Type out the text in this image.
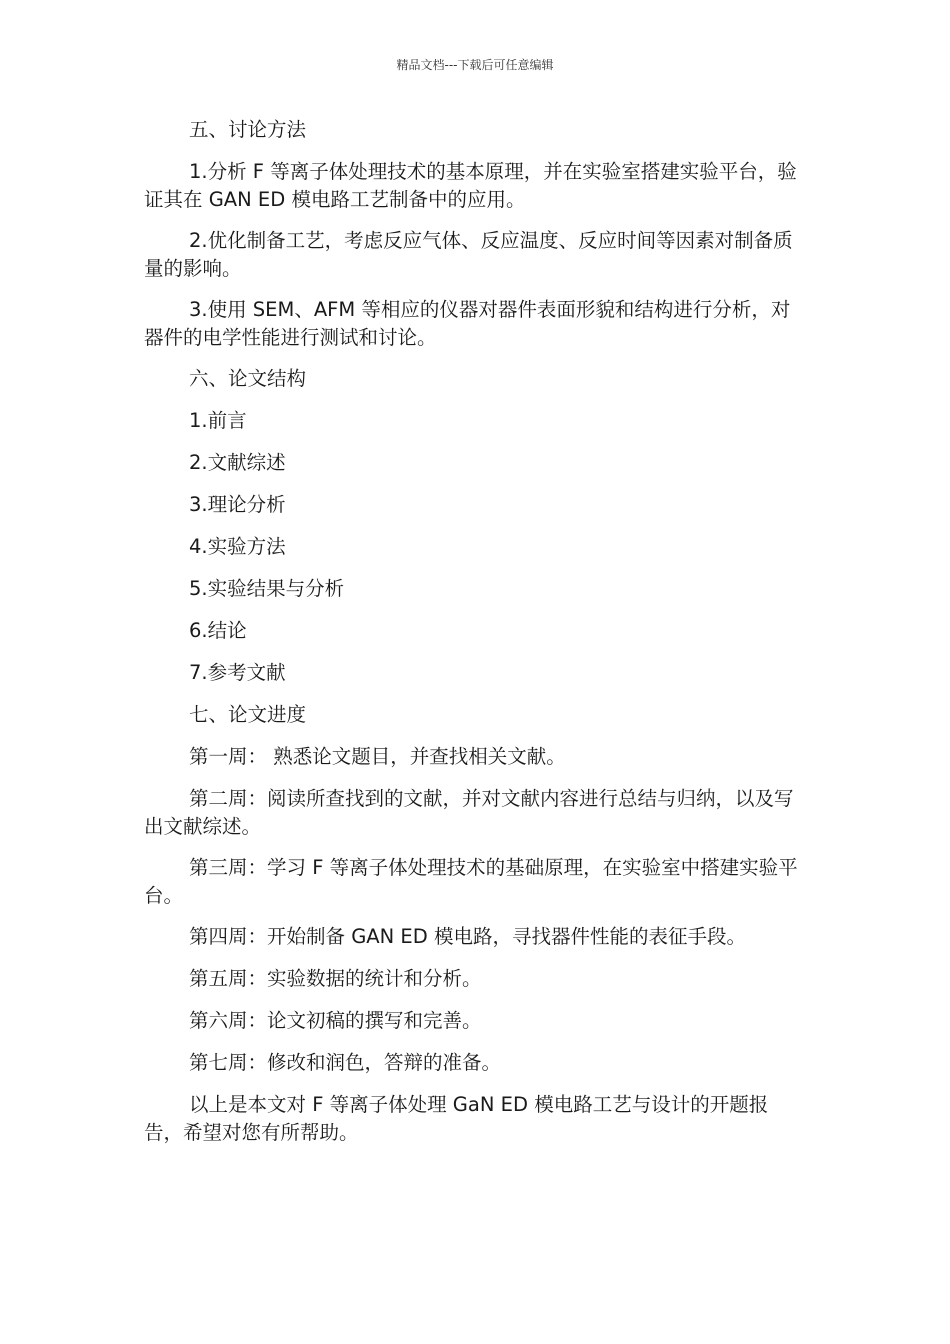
精品文档---下载后可任意编辑

五、讨论方法

1.分析 F 等离子体处理技术的基本原理，并在实验室搭建实验平台，验证其在 GAN ED 模电路工艺制备中的应用。

2.优化制备工艺，考虑反应气体、反应温度、反应时间等因素对制备质量的影响。

3.使用 SEM、AFM 等相应的仪器对器件表面形貌和结构进行分析，对器件的电学性能进行测试和讨论。

六、论文结构

1.前言

2.文献综述

3.理论分析

4.实验方法

5.实验结果与分析

6.结论

7.参考文献

七、论文进度

第一周： 熟悉论文题目，并查找相关文献。

第二周：阅读所查找到的文献，并对文献内容进行总结与归纳，以及写出文献综述。

第三周：学习 F 等离子体处理技术的基础原理，在实验室中搭建实验平台。

第四周：开始制备 GAN ED 模电路，寻找器件性能的表征手段。

第五周：实验数据的统计和分析。

第六周：论文初稿的撰写和完善。

第七周：修改和润色，答辩的准备。

以上是本文对 F 等离子体处理 GaN ED 模电路工艺与设计的开题报告，希望对您有所帮助。
